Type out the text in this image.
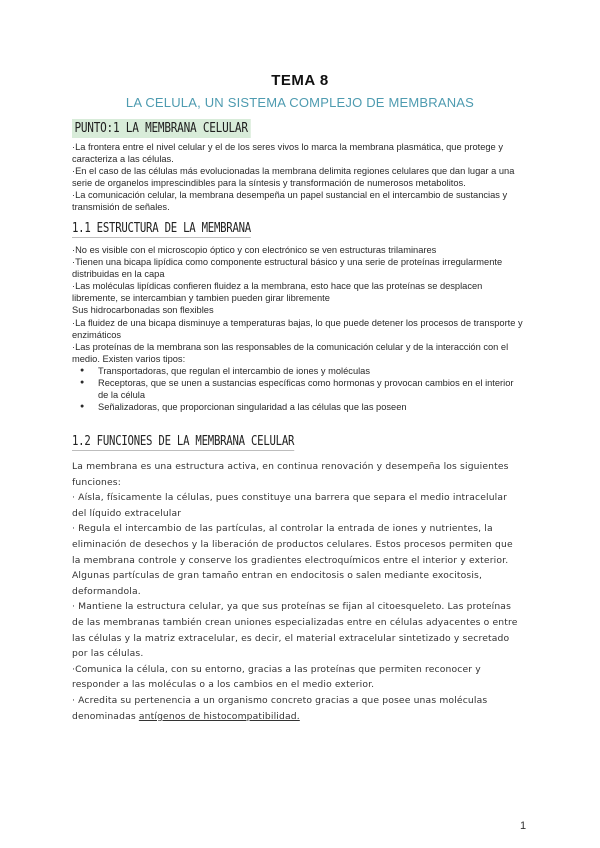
TEMA 8
LA CELULA, UN SISTEMA COMPLEJO DE MEMBRANAS
PUNTO:1 LA MEMBRANA CELULAR

·La frontera entre el nivel celular y el de los seres vivos lo marca la membrana plasmática, que protege y caracteriza a las células.

·En el caso de las células más evolucionadas la membrana delimita regiones celulares que dan lugar a una serie de organelos imprescindibles para la síntesis y transformación de numerosos metabolitos.

·La comunicación celular, la membrana desempeña un papel sustancial en el intercambio de sustancias y transmisión de señales.

1.1 ESTRUCTURA DE LA MEMBRANA

·No es visible con el microscopio óptico y con electrónico se ven estructuras trilaminares

·Tienen una bicapa lipídica como componente estructural básico y una serie de proteínas irregularmente distribuidas en la capa

·Las moléculas lipídicas confieren fluidez a la membrana, esto hace que las proteínas se desplacen libremente, se intercambian y tambien pueden girar libremente

Sus hidrocarbonadas son flexibles

·La fluidez de una bicapa disminuye a temperaturas bajas, lo que puede detener los procesos de transporte y enzimáticos

·Las proteínas de la membrana son las responsables de la comunicación celular y de la interacción con el medio. Existen varios tipos:

● Transportadoras, que regulan el intercambio de iones y moléculas
● Receptoras, que se unen a sustancias específicas como hormonas y provocan cambios en el interior de la célula
● Señalizadoras, que proporcionan singularidad a las células que las poseen
1.2 FUNCIONES DE LA MEMBRANA CELULAR

La membrana es una estructura activa, en continua renovación y desempeña los siguientes funciones:

· Aísla, físicamente la células, pues constituye una barrera que separa el medio intracelular del líquido extracelular

· Regula el intercambio de las partículas, al controlar la entrada de iones y nutrientes, la eliminación de desechos y la liberación de productos celulares. Estos procesos permiten que la membrana controle y conserve los gradientes electroquímicos entre el interior y exterior. Algunas partículas de gran tamaño entran en endocitosis o salen mediante exocitosis, deformandola.

· Mantiene la estructura celular, ya que sus proteínas se fijan al citoesqueleto. Las proteínas de las membranas también crean uniones especializadas entre en células adyacentes o entre las células y la matriz extracelular, es decir, el material extracelular sintetizado y secretado por las células.

·Comunica la célula, con su entorno, gracias a las proteínas que permiten reconocer y responder a las moléculas o a los cambios en el medio exterior.

· Acredita su pertenencia a un organismo concreto gracias a que posee unas moléculas denominadas antígenos de histocompatibilidad.

1
